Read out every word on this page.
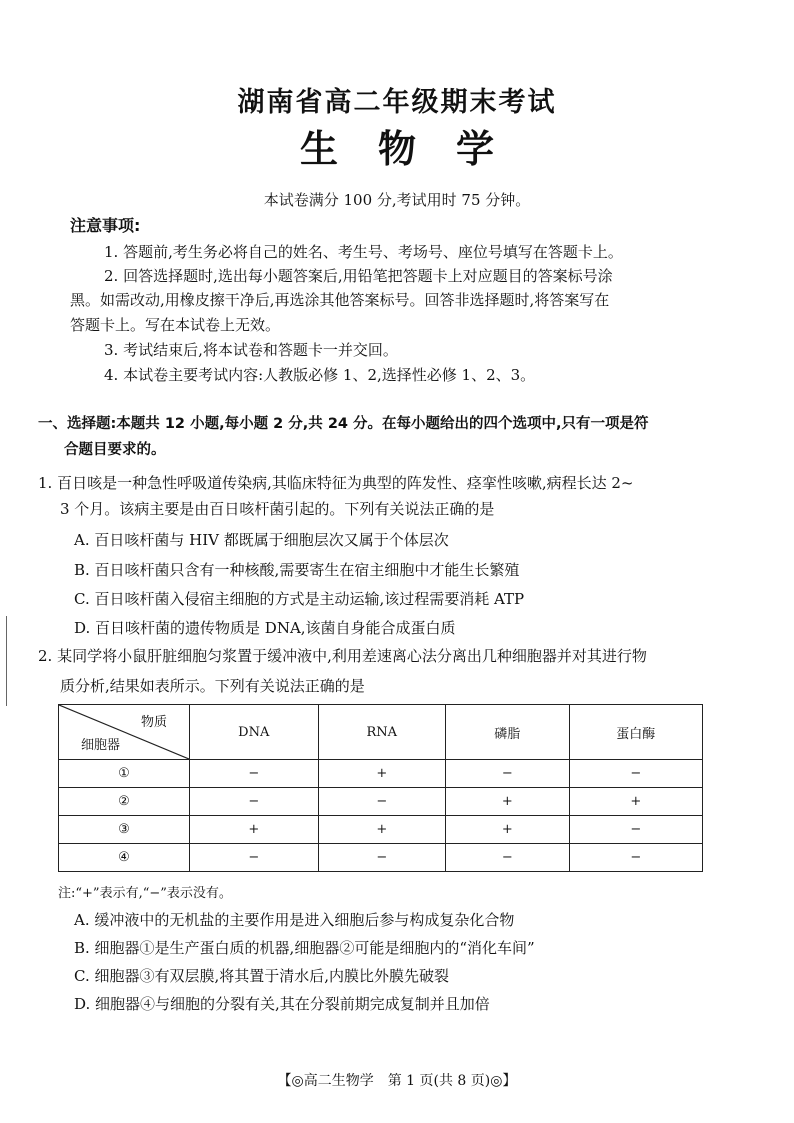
湖南省高二年级期末考试
生物学
本试卷满分 100 分,考试用时 75 分钟。
注意事项:
1. 答题前,考生务必将自己的姓名、考生号、考场号、座位号填写在答题卡上。
2. 回答选择题时,选出每小题答案后,用铅笔把答题卡上对应题目的答案标号涂
黑。如需改动,用橡皮擦干净后,再选涂其他答案标号。回答非选择题时,将答案写在
答题卡上。写在本试卷上无效。
3. 考试结束后,将本试卷和答题卡一并交回。
4. 本试卷主要考试内容:人教版必修 1、2,选择性必修 1、2、3。
一、选择题:本题共 12 小题,每小题 2 分,共 24 分。在每小题给出的四个选项中,只有一项是符
合题目要求的。
1. 百日咳是一种急性呼吸道传染病,其临床特征为典型的阵发性、痉挛性咳嗽,病程长达 2~
3 个月。该病主要是由百日咳杆菌引起的。下列有关说法正确的是
A. 百日咳杆菌与 HIV 都既属于细胞层次又属于个体层次
B. 百日咳杆菌只含有一种核酸,需要寄生在宿主细胞中才能生长繁殖
C. 百日咳杆菌入侵宿主细胞的方式是主动运输,该过程需要消耗 ATP
D. 百日咳杆菌的遗传物质是 DNA,该菌自身能合成蛋白质
2. 某同学将小鼠肝脏细胞匀浆置于缓冲液中,利用差速离心法分离出几种细胞器并对其进行物
质分析,结果如表所示。下列有关说法正确的是
物质
细胞器	DNA	RNA	磷脂	蛋白酶
①	−	+	−	−
②	−	−	+	+
③	+	+	+	−
④	−	−	−	−
注:“+”表示有,“−”表示没有。
A. 缓冲液中的无机盐的主要作用是进入细胞后参与构成复杂化合物
B. 细胞器①是生产蛋白质的机器,细胞器②可能是细胞内的“消化车间”
C. 细胞器③有双层膜,将其置于清水后,内膜比外膜先破裂
D. 细胞器④与细胞的分裂有关,其在分裂前期完成复制并且加倍
【◎高二生物学　第 1 页(共 8 页)◎】
